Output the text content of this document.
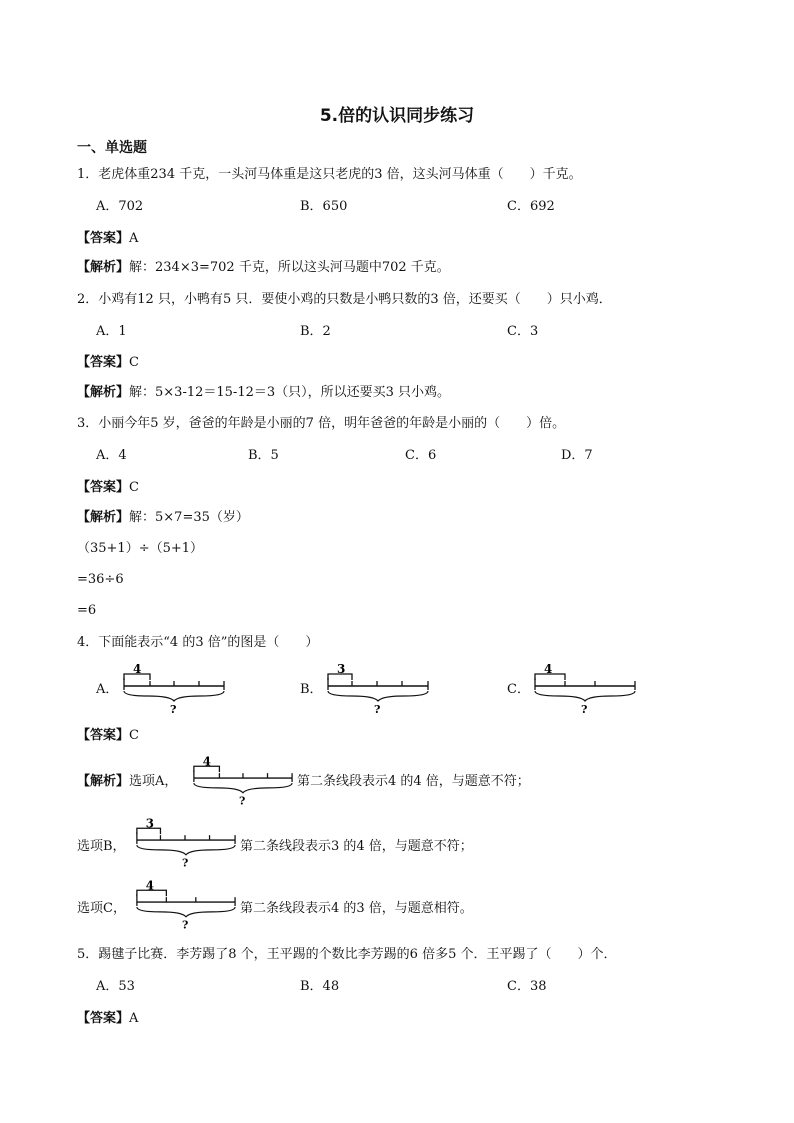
5.倍的认识同步练习
一、单选题
1．老虎体重234 千克，一头河马体重是这只老虎的3 倍，这头河马体重（　　）千克。
A．702	B．650	C．692
【答案】A
【解析】解：234×3=702 千克，所以这头河马题中702 千克。
2．小鸡有12 只，小鸭有5 只．要使小鸡的只数是小鸭只数的3 倍，还要买（　　）只小鸡．
A．1	B．2	C．3
【答案】C
【解析】解：5×3-12＝15-12＝3（只），所以还要买3 只小鸡。
3．小丽今年5 岁，爸爸的年龄是小丽的7 倍，明年爸爸的年龄是小丽的（　　）倍。
A．4	B．5	C．6	D．7
【答案】C
【解析】解：5×7=35（岁）
（35+1）÷（5+1）
=36÷6
=6
4．下面能表示“4 的3 倍”的图是（　　）
A．
4
?
B．
3
?
C．
4
?
【答案】C
【解析】选项A，
4
?
第二条线段表示4 的4 倍，与题意不符；
选项B，
3
?
第二条线段表示3 的4 倍，与题意不符；
选项C，
4
?
第二条线段表示4 的3 倍，与题意相符。
5．踢毽子比赛．李芳踢了8 个，王平踢的个数比李芳踢的6 倍多5 个．王平踢了（　　）个．
A．53	B．48	C．38
【答案】A
